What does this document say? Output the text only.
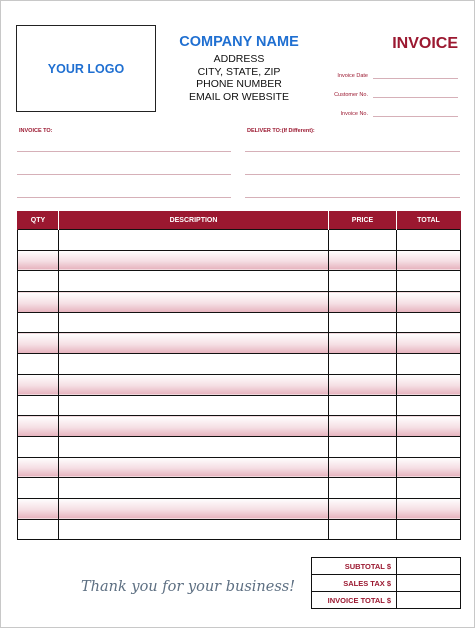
YOUR LOGO
COMPANY NAME
ADDRESS
CITY, STATE, ZIP
PHONE NUMBER
EMAIL OR WEBSITE
INVOICE
Invoice Date
Customer No.
Invoice No.
INVOICE TO:	DELIVER TO:(If Different):
QTY	DESCRIPTION	PRICE	TOTAL

Thank you for your business!
SUBTOTAL $	
SALES TAX $	
INVOICE TOTAL $	
